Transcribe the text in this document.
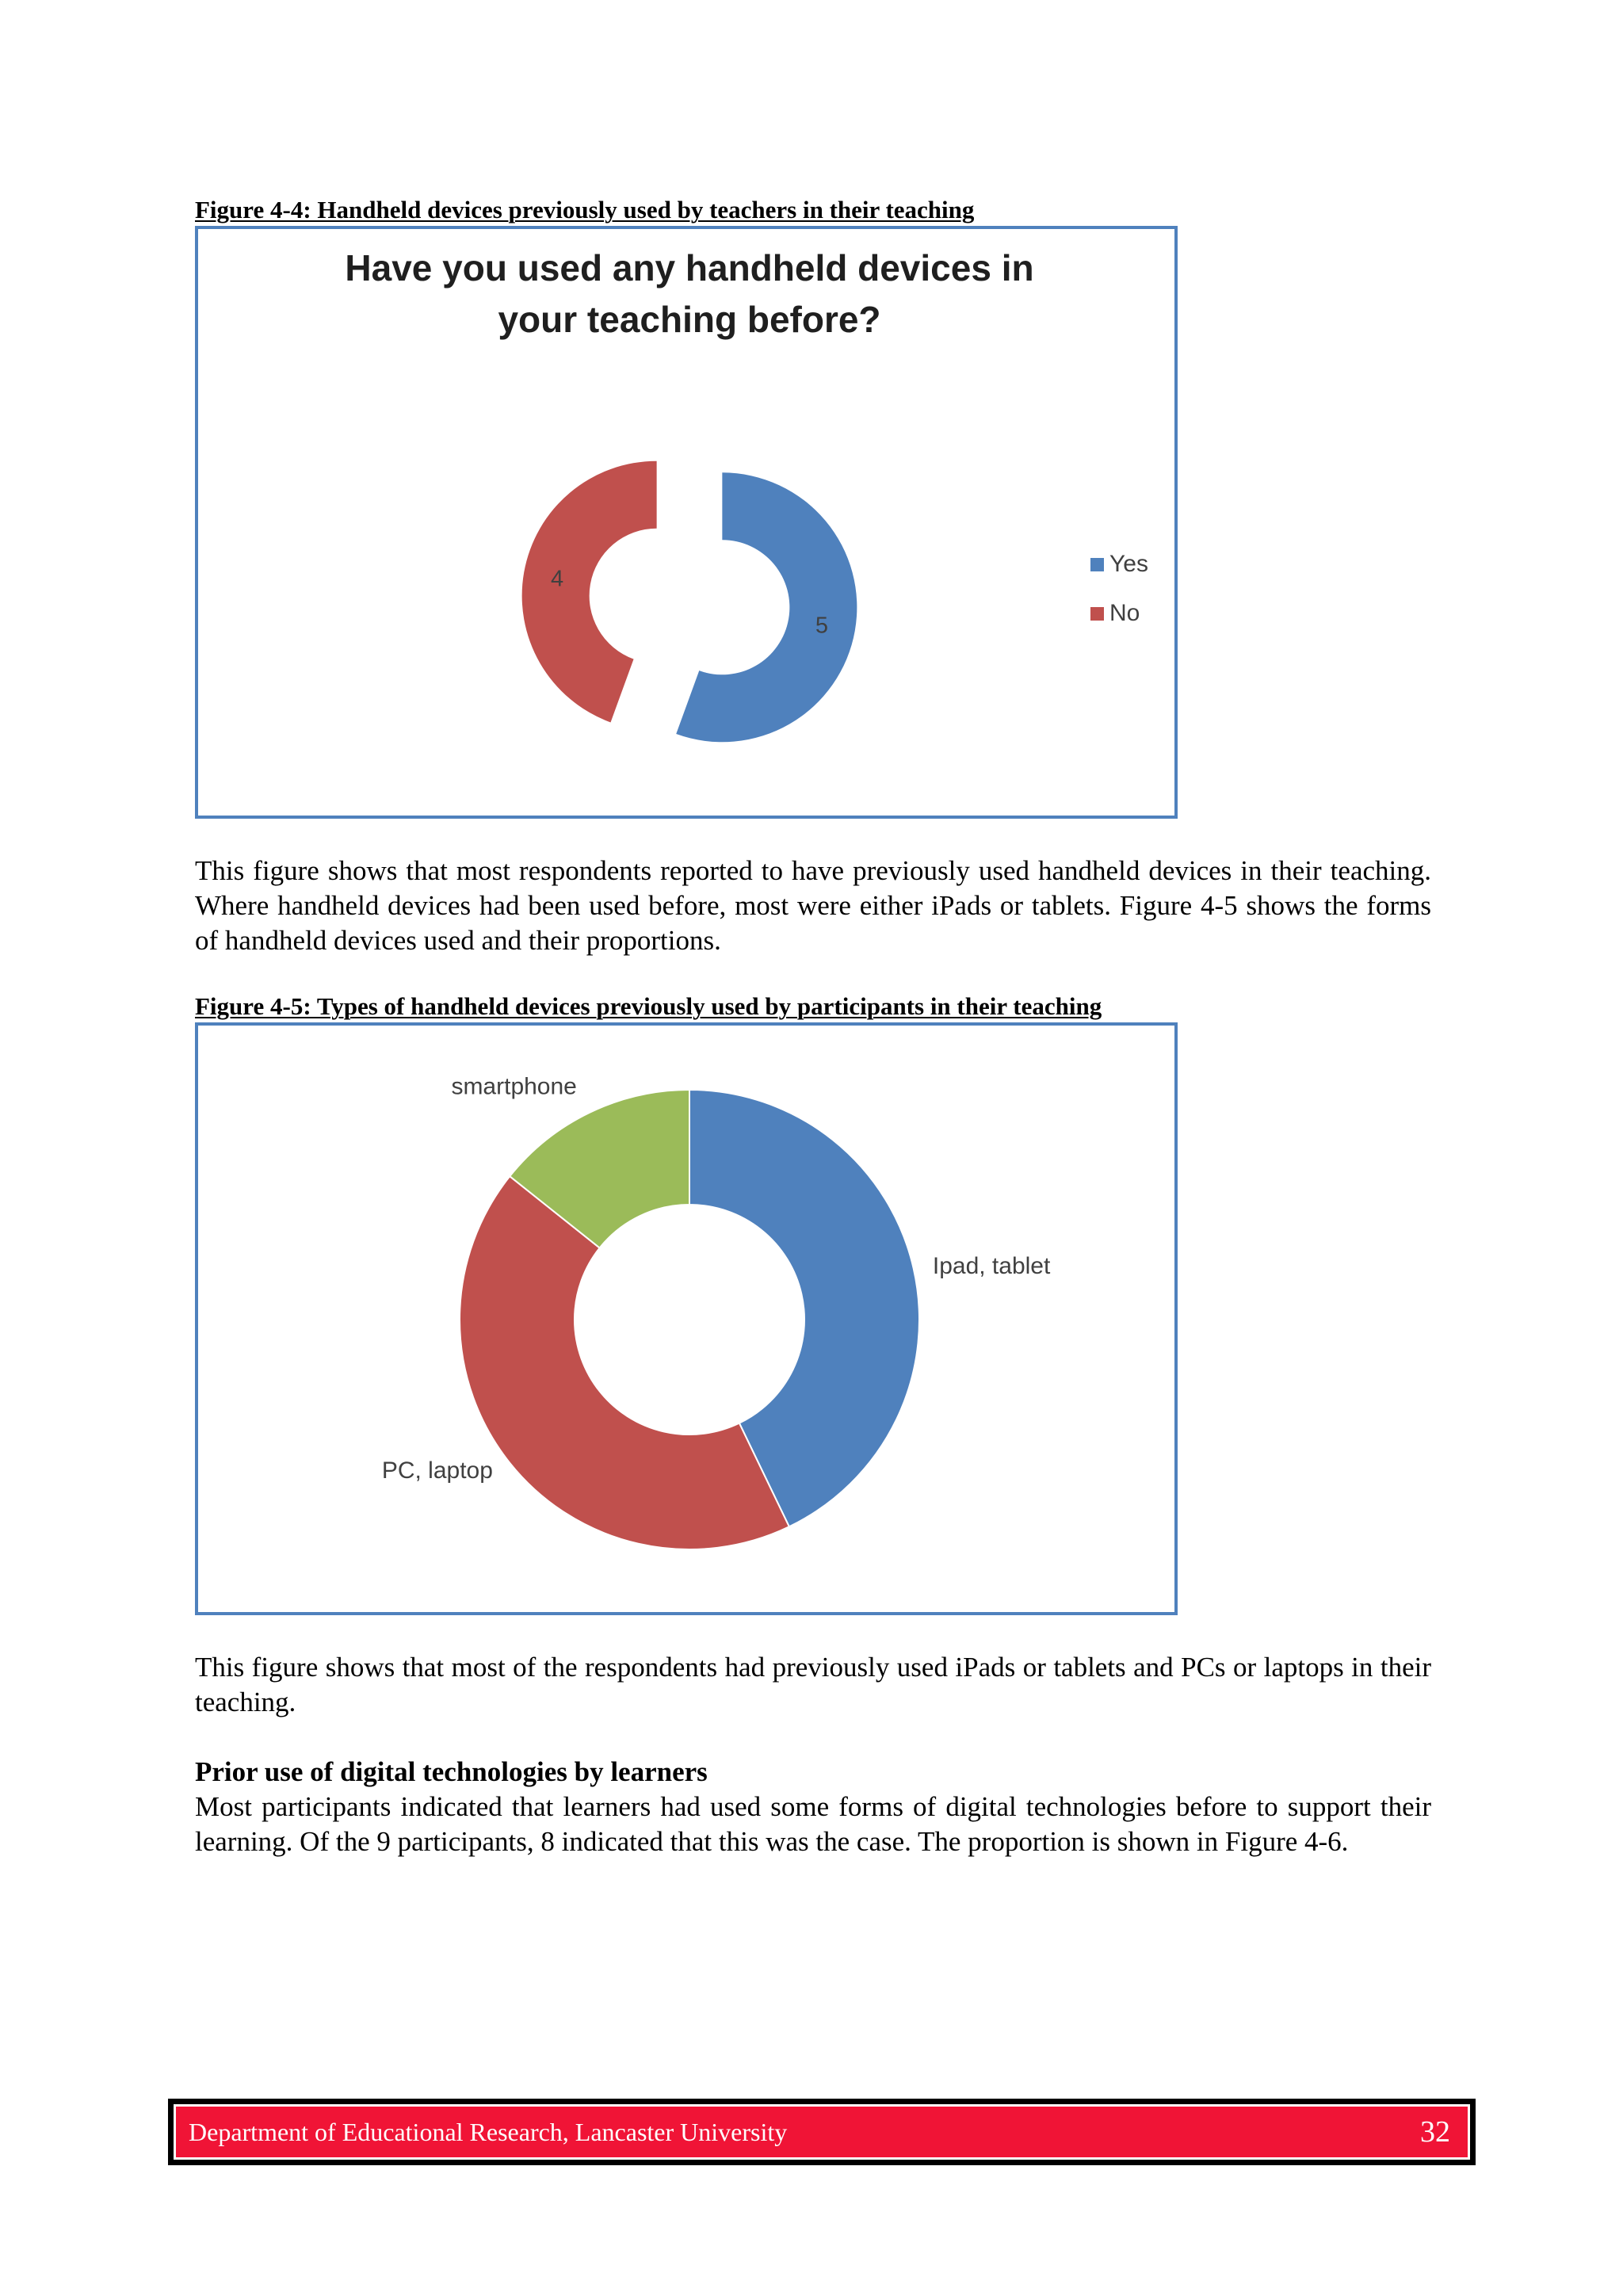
Figure 4-4: Handheld devices previously used by teachers in their teaching

Have you used any handheld devices in
your teaching before?
5
4
Yes
No

This figure shows that most respondents reported to have previously used handheld devices in their teaching. Where handheld devices had been used before, most were either iPads or tablets. Figure 4-5 shows the forms of handheld devices used and their proportions.

Figure 4-5: Types of handheld devices previously used by participants in their teaching

Ipad, tablet
PC, laptop
smartphone

This figure shows that most of the respondents had previously used iPads or tablets and PCs or laptops in their teaching.

Prior use of digital technologies by learners

Most participants indicated that learners had used some forms of digital technologies before to support their learning. Of the 9 participants, 8 indicated that this was the case. The proportion is shown in Figure 4-6.

Department of Educational Research, Lancaster University	32
